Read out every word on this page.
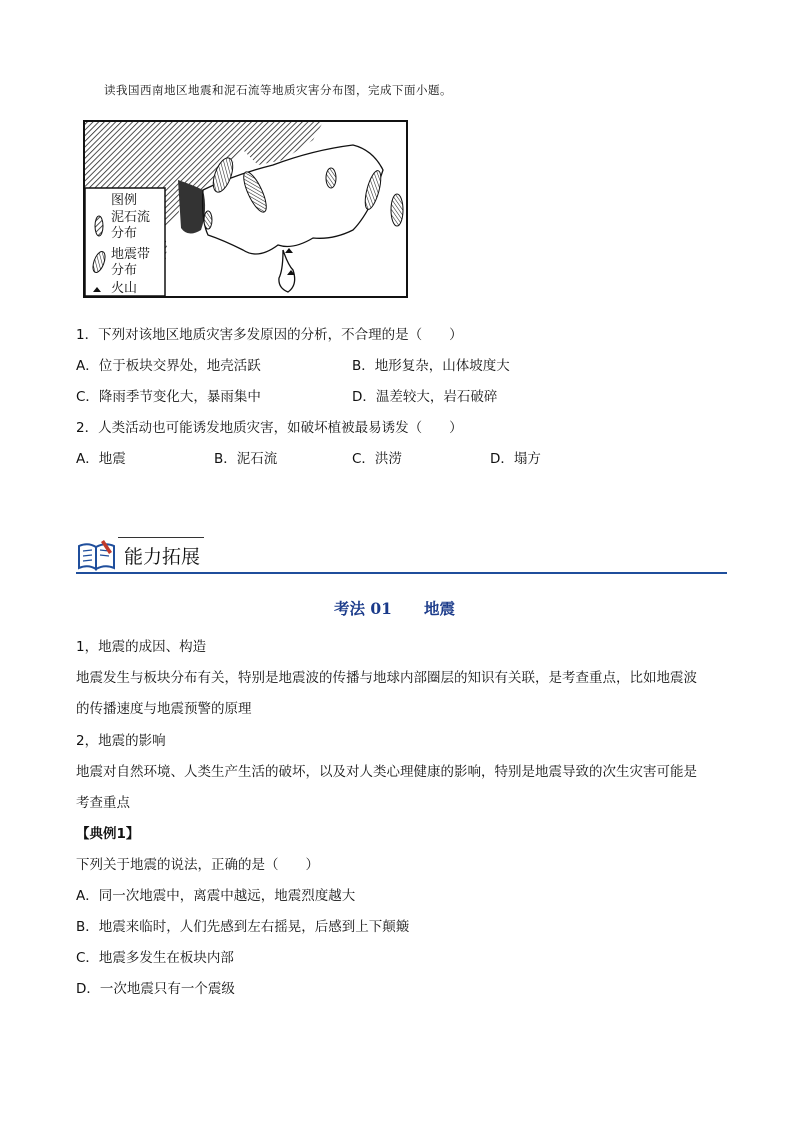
读我国西南地区地震和泥石流等地质灾害分布图，完成下面小题。
图例
泥石流
分布
地震带
分布
火山
1．下列对该地区地质灾害多发原因的分析，不合理的是（　　）
A．位于板块交界处，地壳活跃	B．地形复杂，山体坡度大
C．降雨季节变化大，暴雨集中	D．温差较大，岩石破碎
2．人类活动也可能诱发地质灾害，如破坏植被最易诱发（　　）
A．地震	B．泥石流	C．洪涝	D．塌方
能力拓展
考法 01 地震
1，地震的成因、构造
地震发生与板块分布有关，特别是地震波的传播与地球内部圈层的知识有关联，是考查重点，比如地震波
的传播速度与地震预警的原理
2，地震的影响
地震对自然环境、人类生产生活的破坏，以及对人类心理健康的影响，特别是地震导致的次生灾害可能是
考查重点
【典例1】
下列关于地震的说法，正确的是（　　）
A．同一次地震中，离震中越远，地震烈度越大
B．地震来临时，人们先感到左右摇晃，后感到上下颠簸
C．地震多发生在板块内部
D．一次地震只有一个震级
